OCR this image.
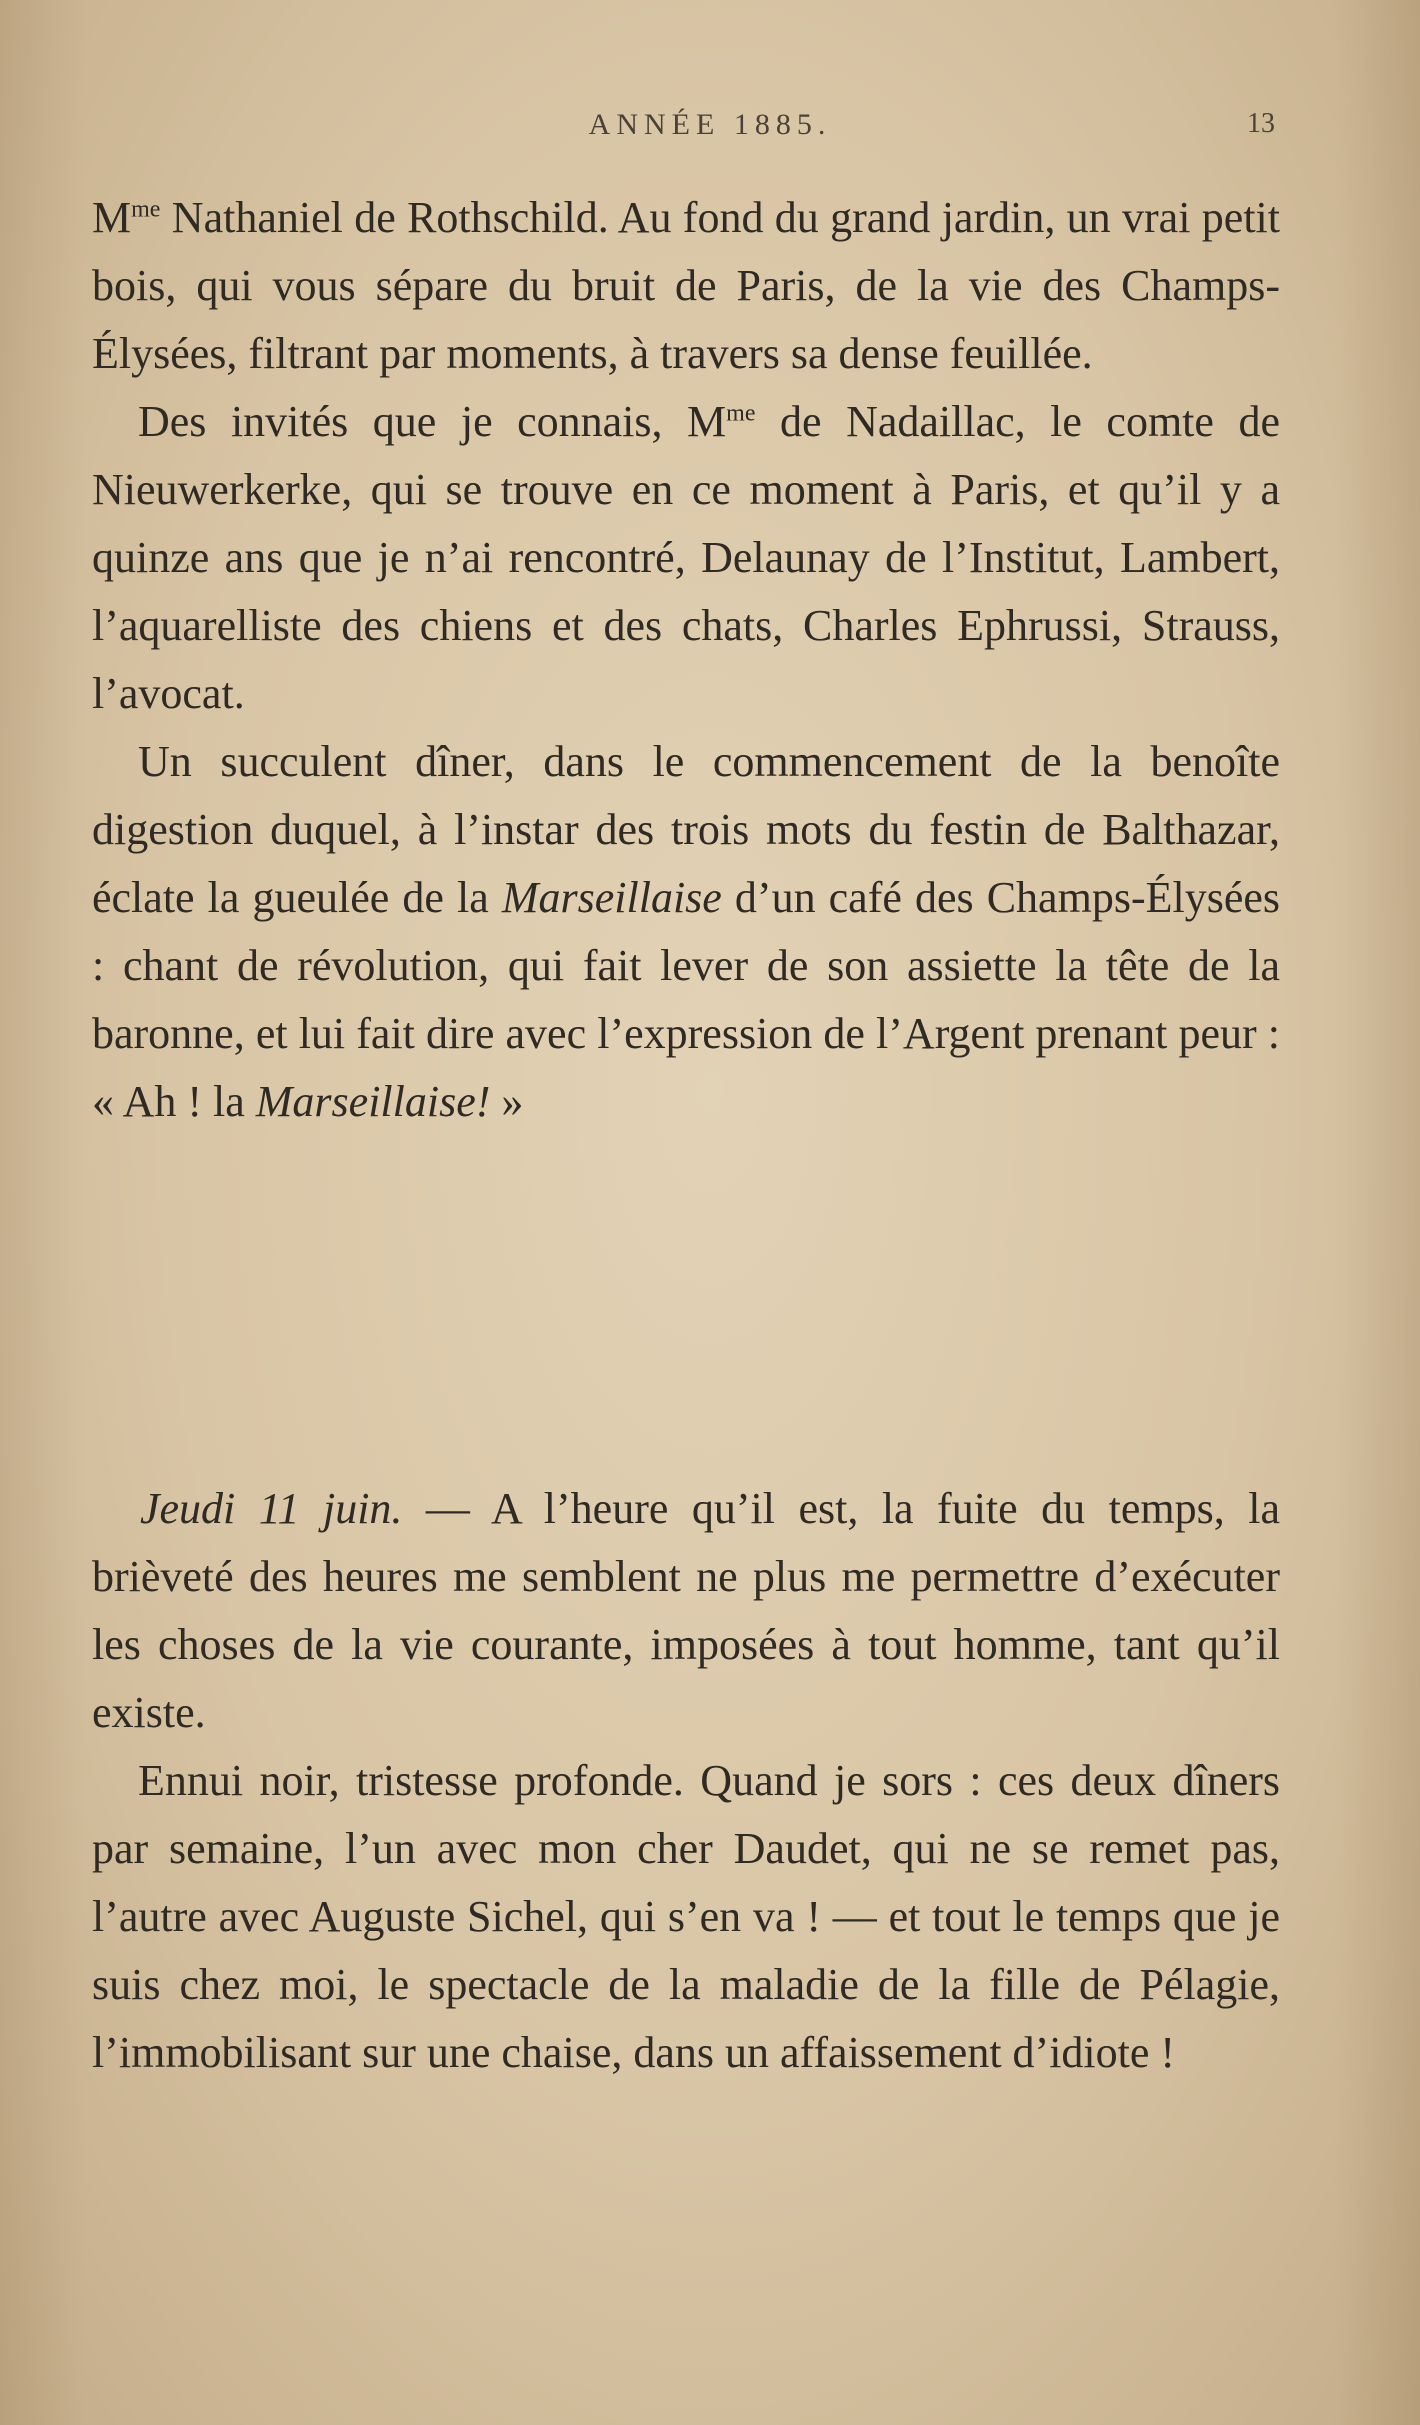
ANNÉE 1885.	13

$M^{me}$ Nathaniel de Rothschild. Au fond du grand jardin, un vrai petit bois, qui vous sépare du bruit de Paris, de la vie des Champs-Élysées, filtrant par moments, à travers sa dense feuillée.

Des invités que je connais, $M^{me}$ de Nadaillac, le comte de Nieuwerkerke, qui se trouve en ce moment à Paris, et qu’il y a quinze ans que je n’ai rencontré, Delaunay de l’Institut, Lambert, l’aquarelliste des chiens et des chats, Charles Ephrussi, Strauss, l’avocat.

Un succulent dîner, dans le commencement de la benoîte digestion duquel, à l’instar des trois mots du festin de Balthazar, éclate la gueulée de la Marseillaise d’un café des Champs-Élysées : chant de révolution, qui fait lever de son assiette la tête de la baronne, et lui fait dire avec l’expression de l’Argent prenant peur : « Ah ! la Marseillaise! »

Jeudi 11 juin. — A l’heure qu’il est, la fuite du temps, la brièveté des heures me semblent ne plus me permettre d’exécuter les choses de la vie courante, imposées à tout homme, tant qu’il existe.

Ennui noir, tristesse profonde. Quand je sors : ces deux dîners par semaine, l’un avec mon cher Daudet, qui ne se remet pas, l’autre avec Auguste Sichel, qui s’en va ! — et tout le temps que je suis chez moi, le spectacle de la maladie de la fille de Pélagie, l’immobilisant sur une chaise, dans un affaissement d’idiote !
